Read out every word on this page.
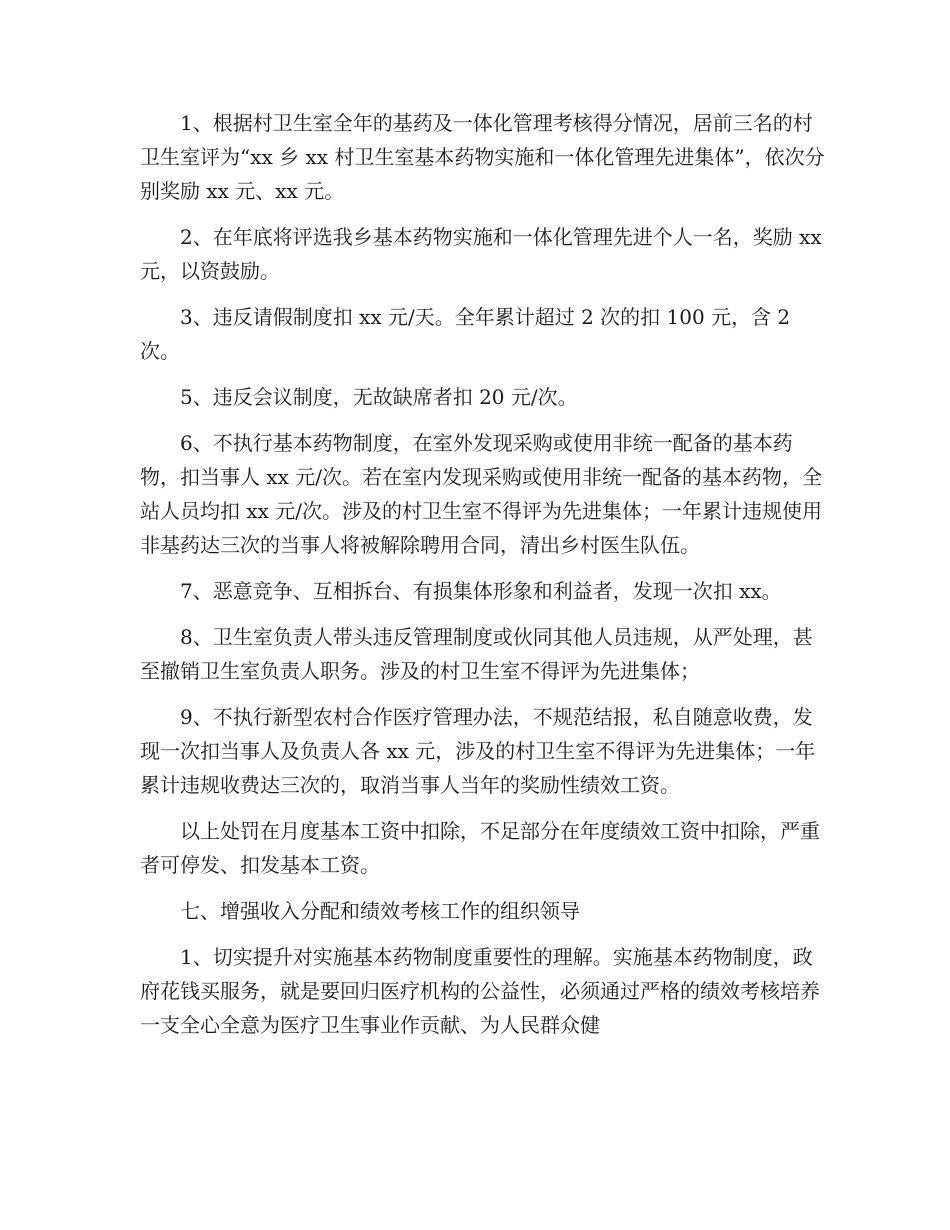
1、根据村卫生室全年的基药及一体化管理考核得分情况，居前三名的村卫生室评为“xx 乡 xx 村卫生室基本药物实施和一体化管理先进集体”，依次分别奖励 xx 元、xx 元。

2、在年底将评选我乡基本药物实施和一体化管理先进个人一名，奖励 xx 元，以资鼓励。

3、违反请假制度扣 xx 元/天。全年累计超过 2 次的扣 100 元，含 2 次。

5、违反会议制度，无故缺席者扣 20 元/次。

6、不执行基本药物制度，在室外发现采购或使用非统一配备的基本药物，扣当事人 xx 元/次。若在室内发现采购或使用非统一配备的基本药物，全站人员均扣 xx 元/次。涉及的村卫生室不得评为先进集体；一年累计违规使用非基药达三次的当事人将被解除聘用合同，清出乡村医生队伍。

7、恶意竞争、互相拆台、有损集体形象和利益者，发现一次扣 xx。

8、卫生室负责人带头违反管理制度或伙同其他人员违规，从严处理，甚至撤销卫生室负责人职务。涉及的村卫生室不得评为先进集体；

9、不执行新型农村合作医疗管理办法，不规范结报，私自随意收费，发现一次扣当事人及负责人各 xx 元，涉及的村卫生室不得评为先进集体；一年累计违规收费达三次的，取消当事人当年的奖励性绩效工资。

以上处罚在月度基本工资中扣除，不足部分在年度绩效工资中扣除，严重者可停发、扣发基本工资。

七、增强收入分配和绩效考核工作的组织领导

1、切实提升对实施基本药物制度重要性的理解。实施基本药物制度，政府花钱买服务，就是要回归医疗机构的公益性，必须通过严格的绩效考核培养一支全心全意为医疗卫生事业作贡献、为人民群众健
